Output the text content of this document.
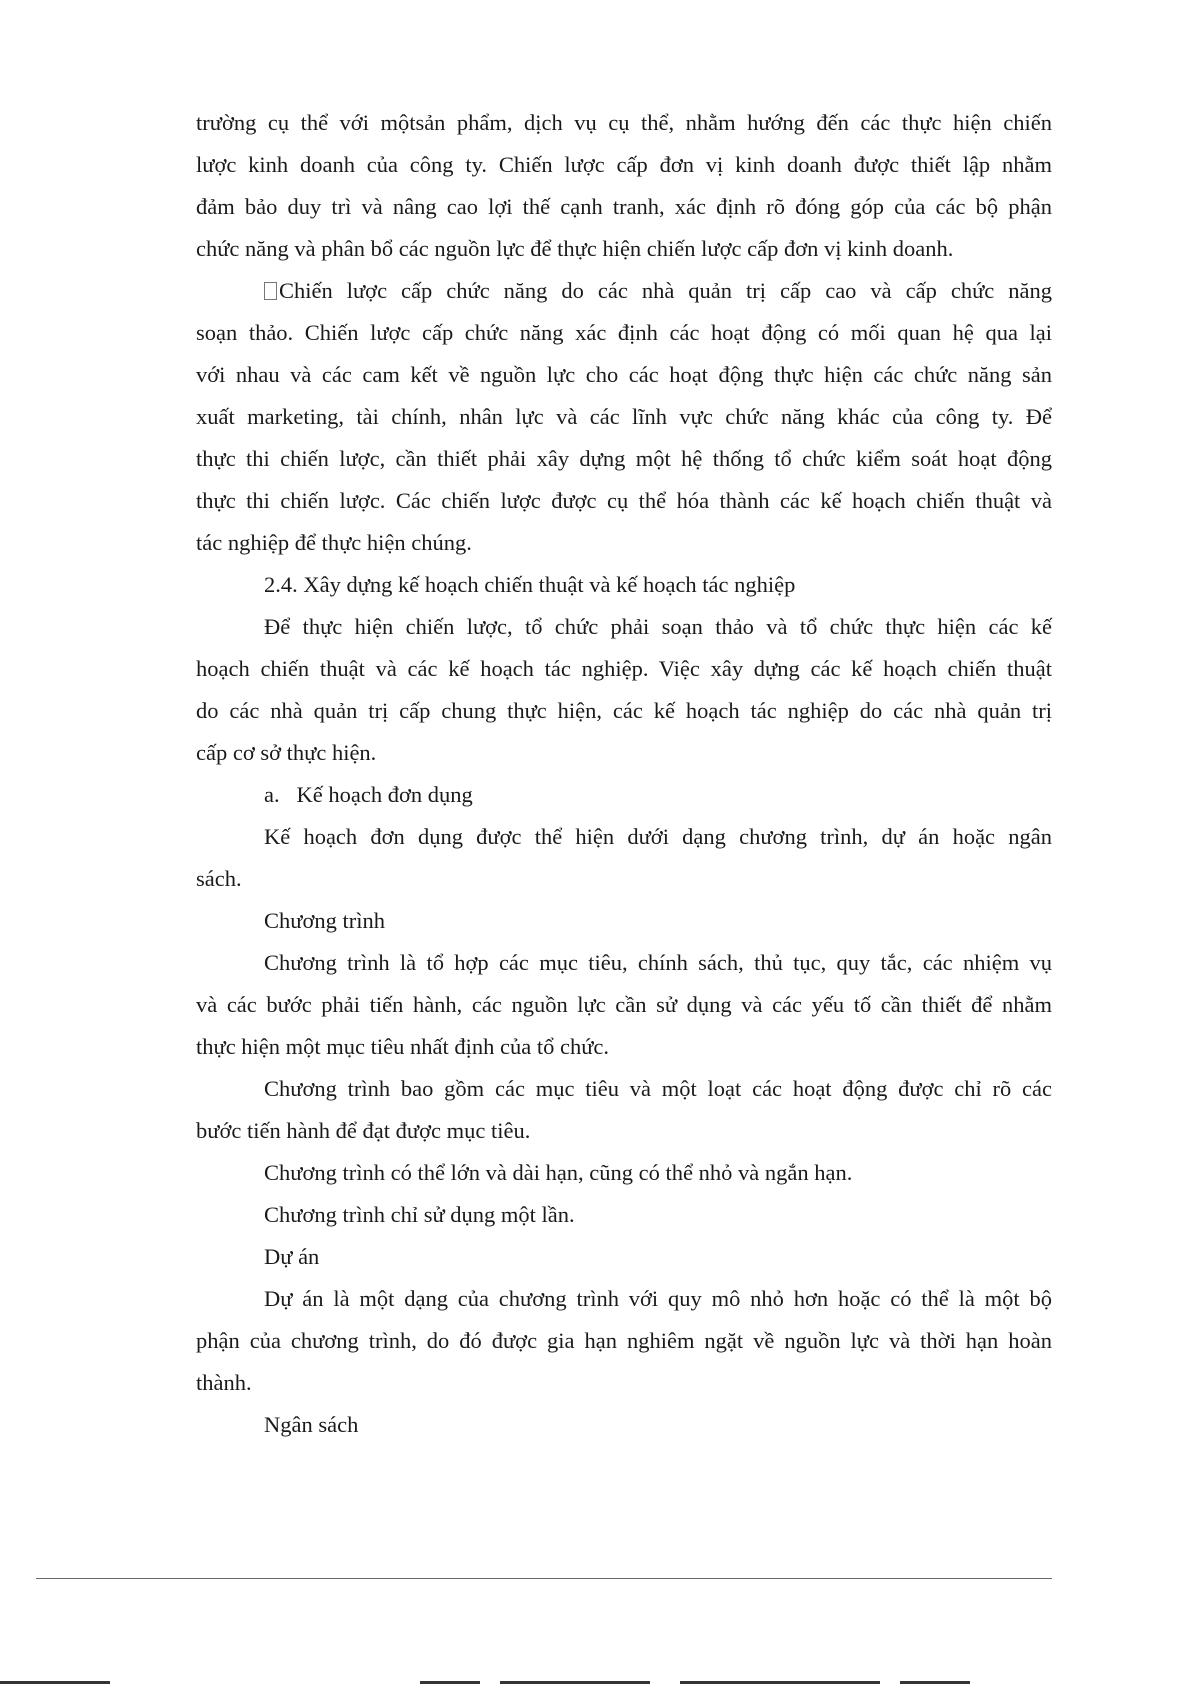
trường cụ thể với mộtsản phẩm, dịch vụ cụ thể, nhằm hướng đến các thực hiện chiến

lược kinh doanh của công ty. Chiến lược cấp đơn vị kinh doanh được thiết lập nhằm

đảm bảo duy trì và nâng cao lợi thế cạnh tranh, xác định rõ đóng góp của các bộ phận

chức năng và phân bổ các nguồn lực để thực hiện chiến lược cấp đơn vị kinh doanh.

Chiến lược cấp chức năng do các nhà quản trị cấp cao và cấp chức năng

soạn thảo. Chiến lược cấp chức năng xác định các hoạt động có mối quan hệ qua lại

với nhau và các cam kết về nguồn lực cho các hoạt động thực hiện các chức năng sản

xuất marketing, tài chính, nhân lực và các lĩnh vực chức năng khác của công ty. Để

thực thi chiến lược, cần thiết phải xây dựng một hệ thống tổ chức kiểm soát hoạt động

thực thi chiến lược. Các chiến lược được cụ thể hóa thành các kế hoạch chiến thuật và

tác nghiệp để thực hiện chúng.

2.4. Xây dựng kế hoạch chiến thuật và kế hoạch tác nghiệp

Để thực hiện chiến lược, tổ chức phải soạn thảo và tổ chức thực hiện các kế

hoạch chiến thuật và các kế hoạch tác nghiệp. Việc xây dựng các kế hoạch chiến thuật

do các nhà quản trị cấp chung thực hiện, các kế hoạch tác nghiệp do các nhà quản trị

cấp cơ sở thực hiện.

a.   Kế hoạch đơn dụng

Kế hoạch đơn dụng được thể hiện dưới dạng chương trình, dự án hoặc ngân

sách.

Chương trình

Chương trình là tổ hợp các mục tiêu, chính sách, thủ tục, quy tắc, các nhiệm vụ

và các bước phải tiến hành, các nguồn lực cần sử dụng và các yếu tố cần thiết để nhằm

thực hiện một mục tiêu nhất định của tổ chức.

Chương trình bao gồm các mục tiêu và một loạt các hoạt động được chỉ rõ các

bước tiến hành để đạt được mục tiêu.

Chương trình có thể lớn và dài hạn, cũng có thể nhỏ và ngắn hạn.

Chương trình chỉ sử dụng một lần.

Dự án

Dự án là một dạng của chương trình với quy mô nhỏ hơn hoặc có thể là một bộ

phận của chương trình, do đó được gia hạn nghiêm ngặt về nguồn lực và thời hạn hoàn

thành.

Ngân sách
